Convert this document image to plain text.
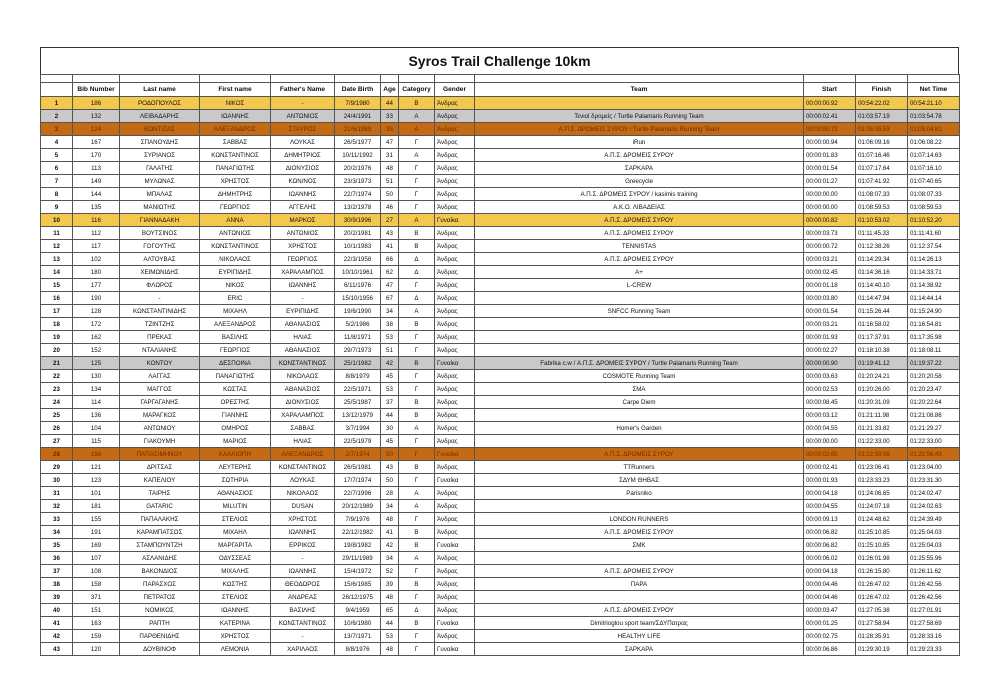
Syros Trail Challenge 10km

	Bib Number	Last name	First name	Father's Name	Date Birth	Age	Category	Gender	Team	Start	Finish	Net Time
1	186	ΡΟΔΟΠΟΥΛΟΣ	ΝΙΚΟΣ	-	7/9/1980	44	Β	Άνδρας		00:00:00.92	00:54:22.02	00:54:21.10
2	132	ΛΕΙΒΑΔΑΡΗΣ	ΙΩΑΝΝΗΣ	ΑΝΤΩΝΙΟΣ	24/4/1991	33	Α	Άνδρας	Τενιοί δρομείς / Turtle Palamaris Running Team	00:00:02.41	01:03:57.19	01:03:54.78
3	124	ΚΟΝΤΙΖΑΣ	ΑΛΕΞΑΝΔΡΟΣ	ΣΤΑΥΡΟΣ	21/6/1989	35	Α	Άνδρας	Α.Π.Σ. ΔΡΟΜΕΙΣ ΣΥΡΟΥ / Turtle Palamaris Running Team	00:00:00.72	01:05:05.53	01:05:04.81
4	167	ΣΠΑΝΟΥΔΗΣ	ΣΑΒΒΑΣ	ΛΟΥΚΑΣ	26/5/1977	47	Γ	Άνδρας	iRun	00:00:00.94	01:06:09.16	01:06:08.22
5	170	ΣΥΡΙΑΝΟΣ	ΚΩΝΣΤΑΝΤΙΝΟΣ	ΔΗΜΗΤΡΙΟΣ	10/11/1992	31	Α	Άνδρας	Α.Π.Σ. ΔΡΟΜΕΙΣ ΣΥΡΟΥ	00:00:01.83	01:07:16.46	01:07:14.63
6	113	ΓΑΛΑΤΗΣ	ΠΑΝΑΓΙΩΤΗΣ	ΔΙΟΝΥΣΙΟΣ	20/2/1976	48	Γ	Άνδρας	ΣΑΡΚΑΡΑ	00:00:01.54	01:07:17.64	01:07:16.10
7	149	ΜΥΛΩΝΑΣ	ΧΡΗΣΤΟΣ	ΚΩΝ/ΝΟΣ	23/3/1973	51	Γ	Άνδρας	Greecycle	00:00:01.27	01:07:41.92	01:07:40.65
8	144	ΜΠΑΛΑΣ	ΔΗΜΗΤΡΗΣ	ΙΩΑΝΝΗΣ	22/7/1974	50	Γ	Άνδρας	Α.Π.Σ. ΔΡΟΜΕΙΣ ΣΥΡΟΥ / kasimis training	00:00:00.00	01:08:07.33	01:08:07.33
9	135	ΜΑΝΙΩΤΗΣ	ΓΕΩΡΓΙΟΣ	ΑΓΓΕΛΗΣ	13/2/1978	46	Γ	Άνδρας	Α.Κ.Ο. ΛΙΒΑΔΕΙΑΣ	00:00:00.00	01:08:59.53	01:08:59.53
10	116	ΓΙΑΝΝΑΔΑΚΗ	ΑΝΝΑ	ΜΑΡΚΟΣ	30/9/1996	27	Α	Γυναίκα	Α.Π.Σ. ΔΡΟΜΕΙΣ ΣΥΡΟΥ	00:00:00.82	01:10:53.02	01:10:52.20
11	112	ΒΟΥΤΣΙΝΟΣ	ΑΝΤΩΝΙΟΣ	ΑΝΤΩΝΙΟΣ	20/2/1981	43	Β	Άνδρας	Α.Π.Σ. ΔΡΟΜΕΙΣ ΣΥΡΟΥ	00:00:03.73	01:11:45.33	01:11:41.60
12	117	ΓΟΓΟΥΤΗΣ	ΚΩΝΣΤΑΝΤΙΝΟΣ	ΧΡΗΣΤΟΣ	10/1/1983	41	Β	Άνδρας	TENNISTAS	00:00:00.72	01:12:38.26	01:12:37.54
13	102	ΑΛΤΟΥΒΑΣ	ΝΙΚΟΛΑΟΣ	ΓΕΩΡΓΙΟΣ	22/3/1958	66	Δ	Άνδρας	Α.Π.Σ. ΔΡΟΜΕΙΣ ΣΥΡΟΥ	00:00:03.21	01:14:29.34	01:14:26.13
14	180	ΧΕΙΜΩΝΙΔΗΣ	ΕΥΡΙΠΙΔΗΣ	ΧΑΡΑΛΑΜΠΟΣ	10/10/1961	62	Δ	Άνδρας	A+	00:00:02.45	01:14:36.16	01:14:33.71
15	177	ΦΛΩΡΟΣ	ΝΙΚΟΣ	ΙΩΑΝΝΗΣ	6/11/1976	47	Γ	Άνδρας	L-CREW	00:00:01.18	01:14:40.10	01:14:38.92
16	190	-	ERIC	-	15/10/1956	67	Δ	Άνδρας		00:00:03.80	01:14:47.94	01:14:44.14
17	128	ΚΩΝΣΤΑΝΤΙΝΙΔΗΣ	ΜΙΧΑΗΛ	ΕΥΡΙΠΙΔΗΣ	19/6/1990	34	Α	Άνδρας	SNFCC Running Team	00:00:01.54	01:15:26.44	01:15:24.90
18	172	ΤΖΙΝΤΖΗΣ	ΑΛΕΞΑΝΔΡΟΣ	ΑΘΑΝΑΣΙΟΣ	5/2/1986	38	Β	Άνδρας		00:00:03.21	01:16:58.02	01:16:54.81
19	162	ΠΡΕΚΑΣ	ΒΑΣΙΛΗΣ	ΗΛΙΑΣ	11/8/1971	53	Γ	Άνδρας		00:00:01.93	01:17:37.91	01:17:35.98
20	152	ΝΤΑΛΙΑΝΗΣ	ΓΕΩΡΓΙΟΣ	ΑΘΑΝΑΣΙΟΣ	29/7/1973	51	Γ	Άνδρας		00:00:02.27	01:18:10.38	01:18:08.11
21	125	ΚΟΝΤΟΥ	ΔΕΣΠΟΙΝΑ	ΚΩΝΣΤΑΝΤΙΝΟΣ	25/1/1982	42	Β	Γυναίκα	Fabrika c.w / Α.Π.Σ. ΔΡΟΜΕΙΣ ΣΥΡΟΥ / Turtle Palamaris Running Team	00:00:00.90	01:19:41.12	01:19:37.22
22	130	ΛΑΓΓΑΣ	ΠΑΝΑΓΙΩΤΗΣ	ΝΙΚΟΛΑΟΣ	8/8/1979	45	Γ	Άνδρας	COSMOTE Running Team	00:00:03.63	01:20:24.21	01:20:20.58
23	134	ΜΑΓΓΟΣ	ΚΩΣΤΑΣ	ΑΘΑΝΑΣΙΟΣ	22/5/1971	53	Γ	Άνδρας	ΣΜΑ	00:00:02.53	01:20:26.00	01:20:23.47
24	114	ΓΑΡΓΑΓΑΝΗΣ	ΟΡΕΣΤΗΣ	ΔΙΟΝΥΣΙΟΣ	25/5/1987	37	Β	Άνδρας	Carpe Diem	00:00:08.45	01:20:31.09	01:20:22.64
25	136	ΜΑΡΑΓΚΟΣ	ΓΙΑΝΝΗΣ	ΧΑΡΑΛΑΜΠΟΣ	13/12/1979	44	Β	Άνδρας		00:00:03.12	01:21:11.98	01:21:08.86
26	104	ΑΝΤΩΝΙΟΥ	ΟΜΗΡΟΣ	ΣΑΒΒΑΣ	3/7/1994	30	Α	Άνδρας	Homer's Garden	00:00:04.55	01:21:33.82	01:21:29.27
27	115	ΓΙΑΚΟΥΜΗ	ΜΑΡΙΟΣ	ΗΛΙΑΣ	22/5/1979	45	Γ	Άνδρας		00:00:00.00	01:22:33.00	01:22:33.00
28	156	ΠΑΠΑΣΙΜΗΝΟΥ	ΚΑΛΛΙΟΠΗ	ΑΛΕΞΑΝΔΡΟΣ	2/7/1974	50	Γ	Γυναίκα	Α.Π.Σ. ΔΡΟΜΕΙΣ ΣΥΡΟΥ	00:00:02.65	01:22:59.08	01:22:56.43
29	121	ΔΡΙΤΣΑΣ	ΛΕΥΤΕΡΗΣ	ΚΩΝΣΤΑΝΤΙΝΟΣ	26/5/1981	43	Β	Άνδρας	TTRunners	00:00:02.41	01:23:06.41	01:23:04.00
30	123	ΚΑΠΕΛΙΟΥ	ΣΩΤΗΡΙΑ	ΛΟΥΚΑΣ	17/7/1974	50	Γ	Γυναίκα	ΣΔΥΜ ΘΗΒΑΣ	00:00:01.93	01:23:33.23	01:23:31.30
31	101	ΤΑΙΡΗΣ	ΑΘΑΝΑΣΙΟΣ	ΝΙΚΟΛΑΟΣ	22/7/1996	28	Α	Άνδρας	Parisniko	00:00:04.18	01:24:06.65	01:24:02.47
32	181	GATARIC	MILUTIN	DUSAN	20/12/1989	34	Α	Άνδρας		00:00:04.55	01:24:07.18	01:24:02.63
33	155	ΠΑΠΑΛΑΚΗΣ	ΣΤΕΛΙΟΣ	ΧΡΗΣΤΟΣ	7/9/1976	48	Γ	Άνδρας	LONDON RUNNERS	00:00:09.13	01:24:48.62	01:24:39.49
34	191	ΚΑΡΑΜΠΑΤΣΟΣ	ΜΙΧΑΗΛ	ΙΩΑΝΝΗΣ	22/12/1982	41	Β	Άνδρας	Α.Π.Σ. ΔΡΟΜΕΙΣ ΣΥΡΟΥ	00:00:06.82	01:25:10.85	01:25:04.03
35	169	ΣΤΑΜΠΟΥΝΤΖΗ	ΜΑΡΓΑΡΙΤΑ	ΕΡΡΙΚΟΣ	19/8/1982	42	Β	Γυναίκα	ΣΜΚ	00:00:06.82	01:25:10.85	01:25:04.03
36	107	ΑΣΛΑΝΙΔΗΣ	ΟΔΥΣΣΕΑΣ	-	29/11/1989	34	Α	Άνδρας		00:00:06.02	01:26:01.98	01:25:55.96
37	108	ΒΑΚΟΝΔΙΟΣ	ΜΙΧΑΛΗΣ	ΙΩΑΝΝΗΣ	15/4/1972	52	Γ	Άνδρας	Α.Π.Σ. ΔΡΟΜΕΙΣ ΣΥΡΟΥ	00:00:04.18	01:26:15.80	01:26:11.62
38	158	ΠΑΡΑΣΧΟΣ	ΚΩΣΤΗΣ	ΘΕΟΔΩΡΟΣ	15/6/1985	39	Β	Άνδρας	ΠΑΡΑ	00:00:04.46	01:26:47.02	01:26:42.56
39	371	ΠΕΤΡΑΤΟΣ	ΣΤΕΛΙΟΣ	ΑΝΔΡΕΑΣ	26/12/1975	48	Γ	Άνδρας		00:00:04.46	01:26:47.02	01:26:42.56
40	151	ΝΟΜΙΚΟΣ	ΙΩΑΝΝΗΣ	ΒΑΣΙΛΗΣ	9/4/1959	65	Δ	Άνδρας	Α.Π.Σ. ΔΡΟΜΕΙΣ ΣΥΡΟΥ	00:00:03.47	01:27:05.38	01:27:01.91
41	163	ΡΑΠΤΗ	ΚΑΤΕΡΙΝΑ	ΚΩΝΣΤΑΝΤΙΝΟΣ	10/6/1980	44	Β	Γυναίκα	Dimitrioglou sport team/ΣΔΥΠατρας	00:00:01.25	01:27:58.94	01:27:58.69
42	159	ΠΑΡΘΕΝΙΔΗΣ	ΧΡΗΣΤΟΣ	-	13/7/1971	53	Γ	Άνδρας	HEALTHY LIFE	00:00:02.75	01:28:35.91	01:28:33.16
43	120	ΔΟΥΒΙΝΟΦ	ΛΕΜΟΝΙΑ	ΧΑΡΙΛΑΟΣ	8/8/1976	48	Γ	Γυναίκα	ΣΑΡΚΑΡΑ	00:00:06.86	01:29:30.19	01:29:23.33
